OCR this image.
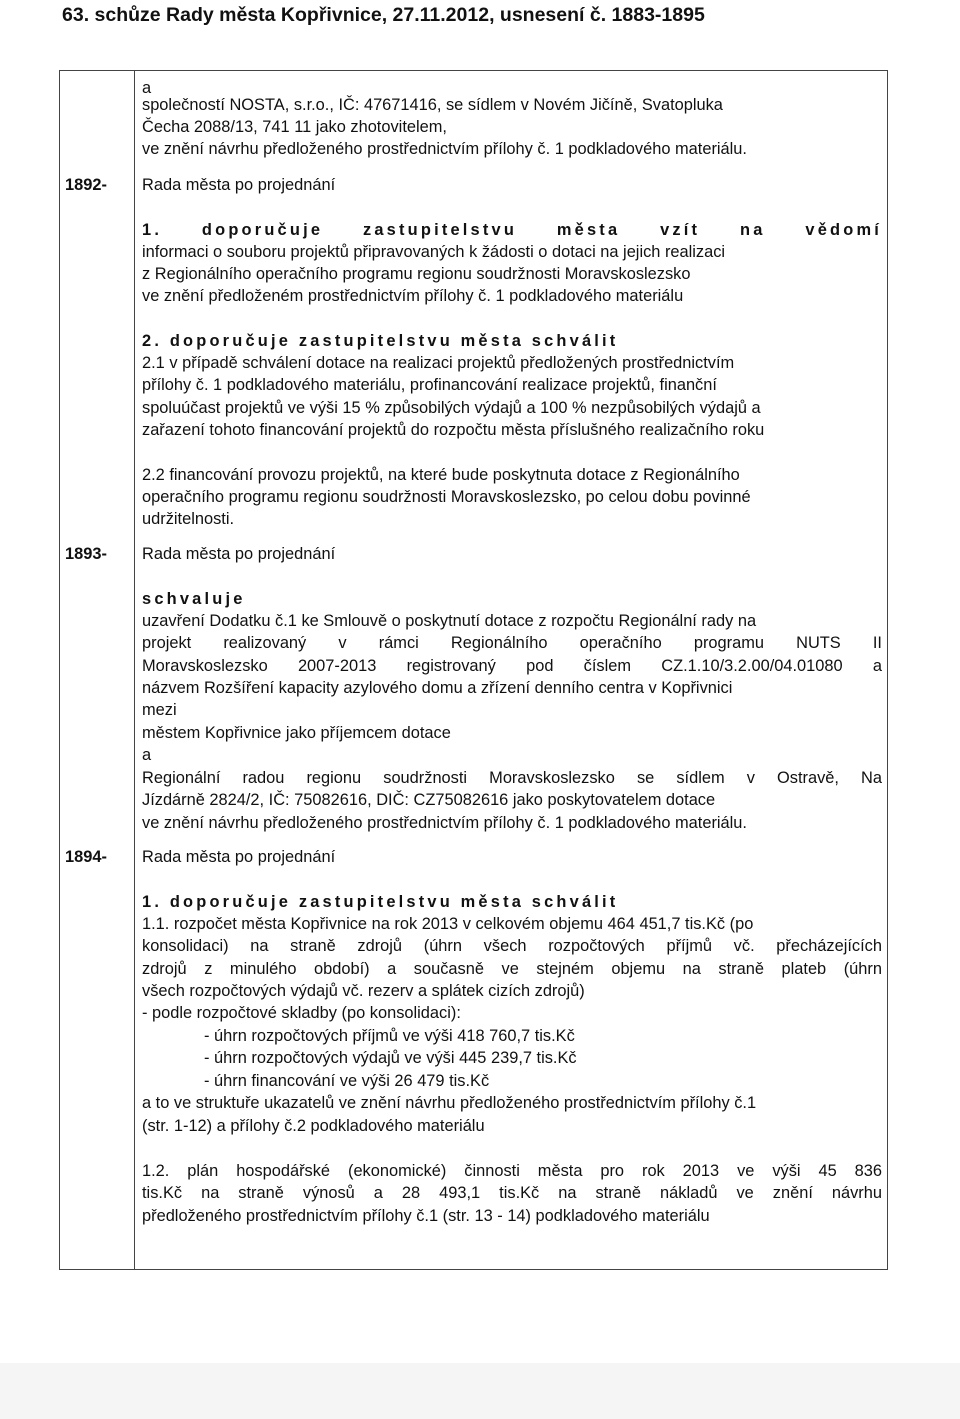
63. schůze Rady města Kopřivnice, 27.11.2012, usnesení č. 1883-1895
a
společností NOSTA, s.r.o., IČ: 47671416, se sídlem v Novém Jičíně, Svatopluka
Čecha 2088/13, 741 11 jako zhotovitelem,
ve znění návrhu předloženého prostřednictvím přílohy č. 1 podkladového materiálu.
1892- Rada města po projednání
1. doporučuje zastupitelstvu města vzít na vědomí
informaci o souboru projektů připravovaných k žádosti o dotaci na jejich realizaci
z Regionálního operačního programu regionu soudržnosti Moravskoslezsko
ve znění předloženém prostřednictvím přílohy č. 1 podkladového materiálu
2. doporučuje zastupitelstvu města schválit
2.1 v případě schválení dotace na realizaci projektů předložených prostřednictvím
přílohy č. 1 podkladového materiálu, profinancování realizace projektů, finanční
spoluúčast projektů ve výši 15 % způsobilých výdajů a 100 % nezpůsobilých výdajů a
zařazení tohoto financování projektů do rozpočtu města příslušného realizačního roku
2.2 financování provozu projektů, na které bude poskytnuta dotace z Regionálního
operačního programu regionu soudržnosti Moravskoslezsko, po celou dobu povinné
udržitelnosti.
1893- Rada města po projednání
schvaluje
uzavření Dodatku č.1 ke Smlouvě o poskytnutí dotace z rozpočtu Regionální rady na
projekt realizovaný v rámci Regionálního operačního programu NUTS II
Moravskoslezsko 2007-2013 registrovaný pod číslem CZ.1.10/3.2.00/04.01080 a
názvem Rozšíření kapacity azylového domu a zřízení denního centra v Kopřivnici
mezi
městem Kopřivnice jako příjemcem dotace
a
Regionální radou regionu soudržnosti Moravskoslezsko se sídlem v Ostravě, Na
Jízdárně 2824/2, IČ: 75082616, DIČ: CZ75082616 jako poskytovatelem dotace
ve znění návrhu předloženého prostřednictvím přílohy č. 1 podkladového materiálu.
1894- Rada města po projednání
1. doporučuje zastupitelstvu města schválit
1.1. rozpočet města Kopřivnice na rok 2013 v celkovém objemu 464 451,7 tis.Kč (po
konsolidaci) na straně zdrojů (úhrn všech rozpočtových příjmů vč. přecházejících
zdrojů z minulého období) a současně ve stejném objemu na straně plateb (úhrn
všech rozpočtových výdajů vč. rezerv a splátek cizích zdrojů)
- podle rozpočtové skladby (po konsolidaci):
- úhrn rozpočtových příjmů ve výši 418 760,7 tis.Kč
- úhrn rozpočtových výdajů ve výši 445 239,7 tis.Kč
- úhrn financování ve výši 26 479 tis.Kč
a to ve struktuře ukazatelů ve znění návrhu předloženého prostřednictvím přílohy č.1
(str. 1-12) a přílohy č.2 podkladového materiálu
1.2. plán hospodářské (ekonomické) činnosti města pro rok 2013 ve výši 45 836
tis.Kč na straně výnosů a 28 493,1 tis.Kč na straně nákladů ve znění návrhu
předloženého prostřednictvím přílohy č.1 (str. 13 - 14) podkladového materiálu
